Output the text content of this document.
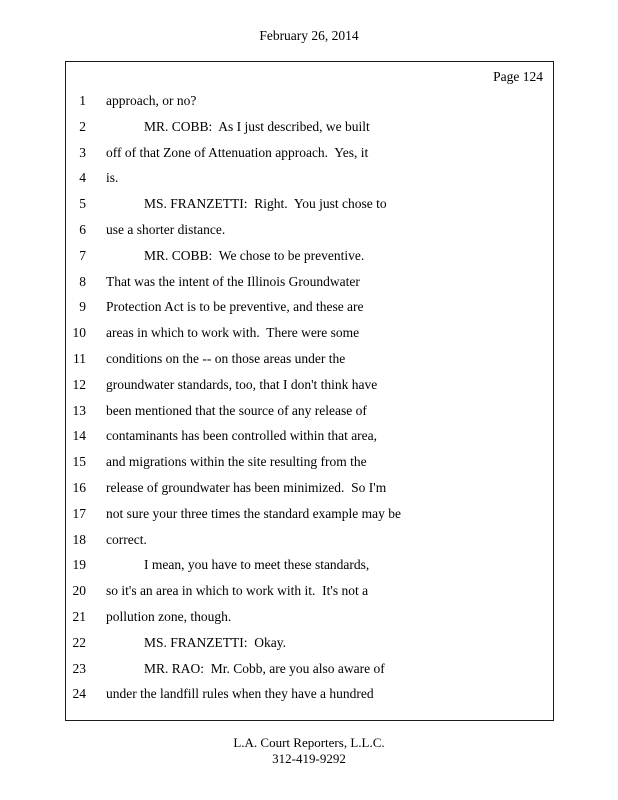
February 26, 2014
Page 124
1 approach, or no?
2	MR. COBB:  As I just described, we built
3 off of that Zone of Attenuation approach.  Yes, it
4 is.
5	MS. FRANZETTI:  Right.  You just chose to
6 use a shorter distance.
7	MR. COBB:  We chose to be preventive.
8 That was the intent of the Illinois Groundwater
9 Protection Act is to be preventive, and these are
10 areas in which to work with.  There were some
11 conditions on the -- on those areas under the
12 groundwater standards, too, that I don't think have
13 been mentioned that the source of any release of
14 contaminants has been controlled within that area,
15 and migrations within the site resulting from the
16 release of groundwater has been minimized.  So I'm
17 not sure your three times the standard example may be
18 correct.
19	I mean, you have to meet these standards,
20 so it's an area in which to work with it.  It's not a
21 pollution zone, though.
22	MS. FRANZETTI:  Okay.
23	MR. RAO:  Mr. Cobb, are you also aware of
24 under the landfill rules when they have a hundred
L.A. Court Reporters, L.L.C.
312-419-9292
